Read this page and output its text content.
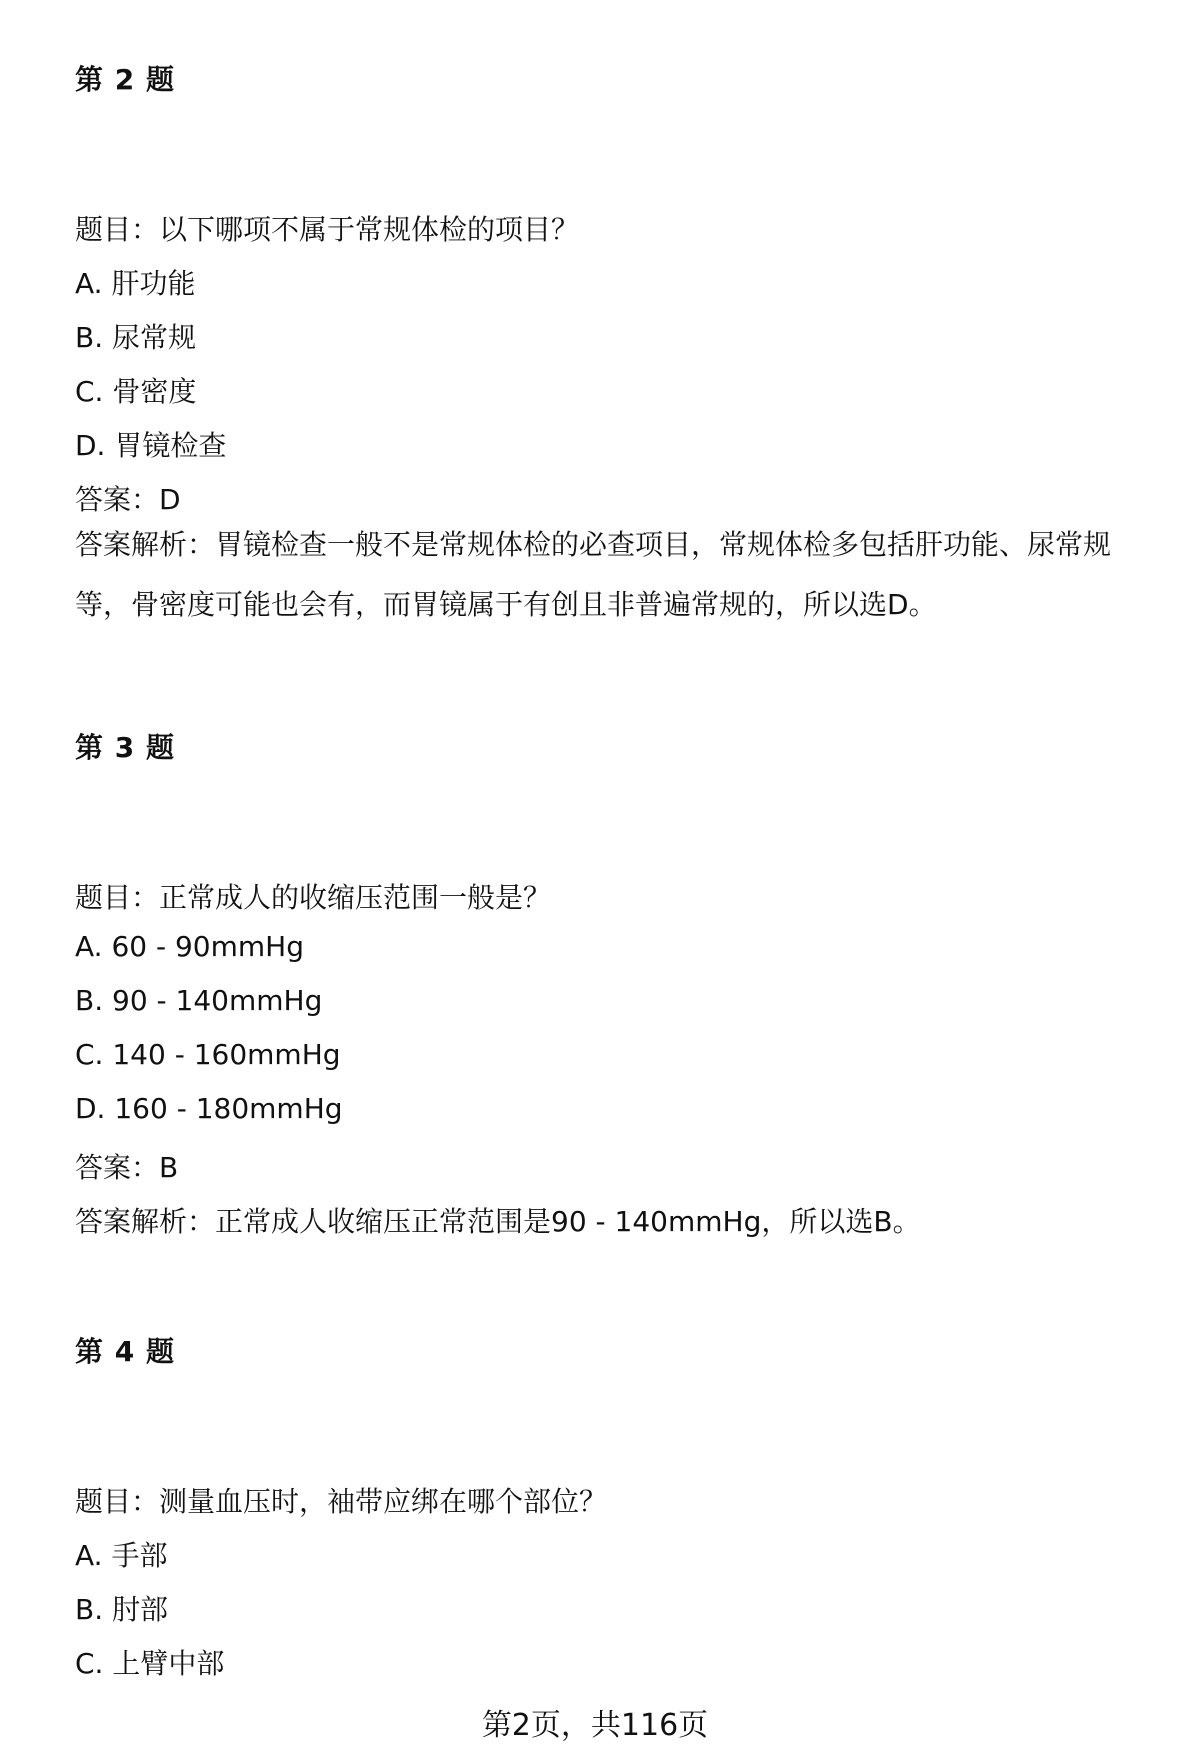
第 2 题
题目：以下哪项不属于常规体检的项目？
A. 肝功能
B. 尿常规
C. 骨密度
D. 胃镜检查
答案：D
答案解析：胃镜检查一般不是常规体检的必查项目，常规体检多包括肝功能、尿常规等，骨密度可能也会有，而胃镜属于有创且非普遍常规的，所以选D。
第 3 题
题目：正常成人的收缩压范围一般是？
A. 60 - 90mmHg
B. 90 - 140mmHg
C. 140 - 160mmHg
D. 160 - 180mmHg
答案：B
答案解析：正常成人收缩压正常范围是90 - 140mmHg，所以选B。
第 4 题
题目：测量血压时，袖带应绑在哪个部位？
A. 手部
B. 肘部
C. 上臂中部
第2页，共116页
